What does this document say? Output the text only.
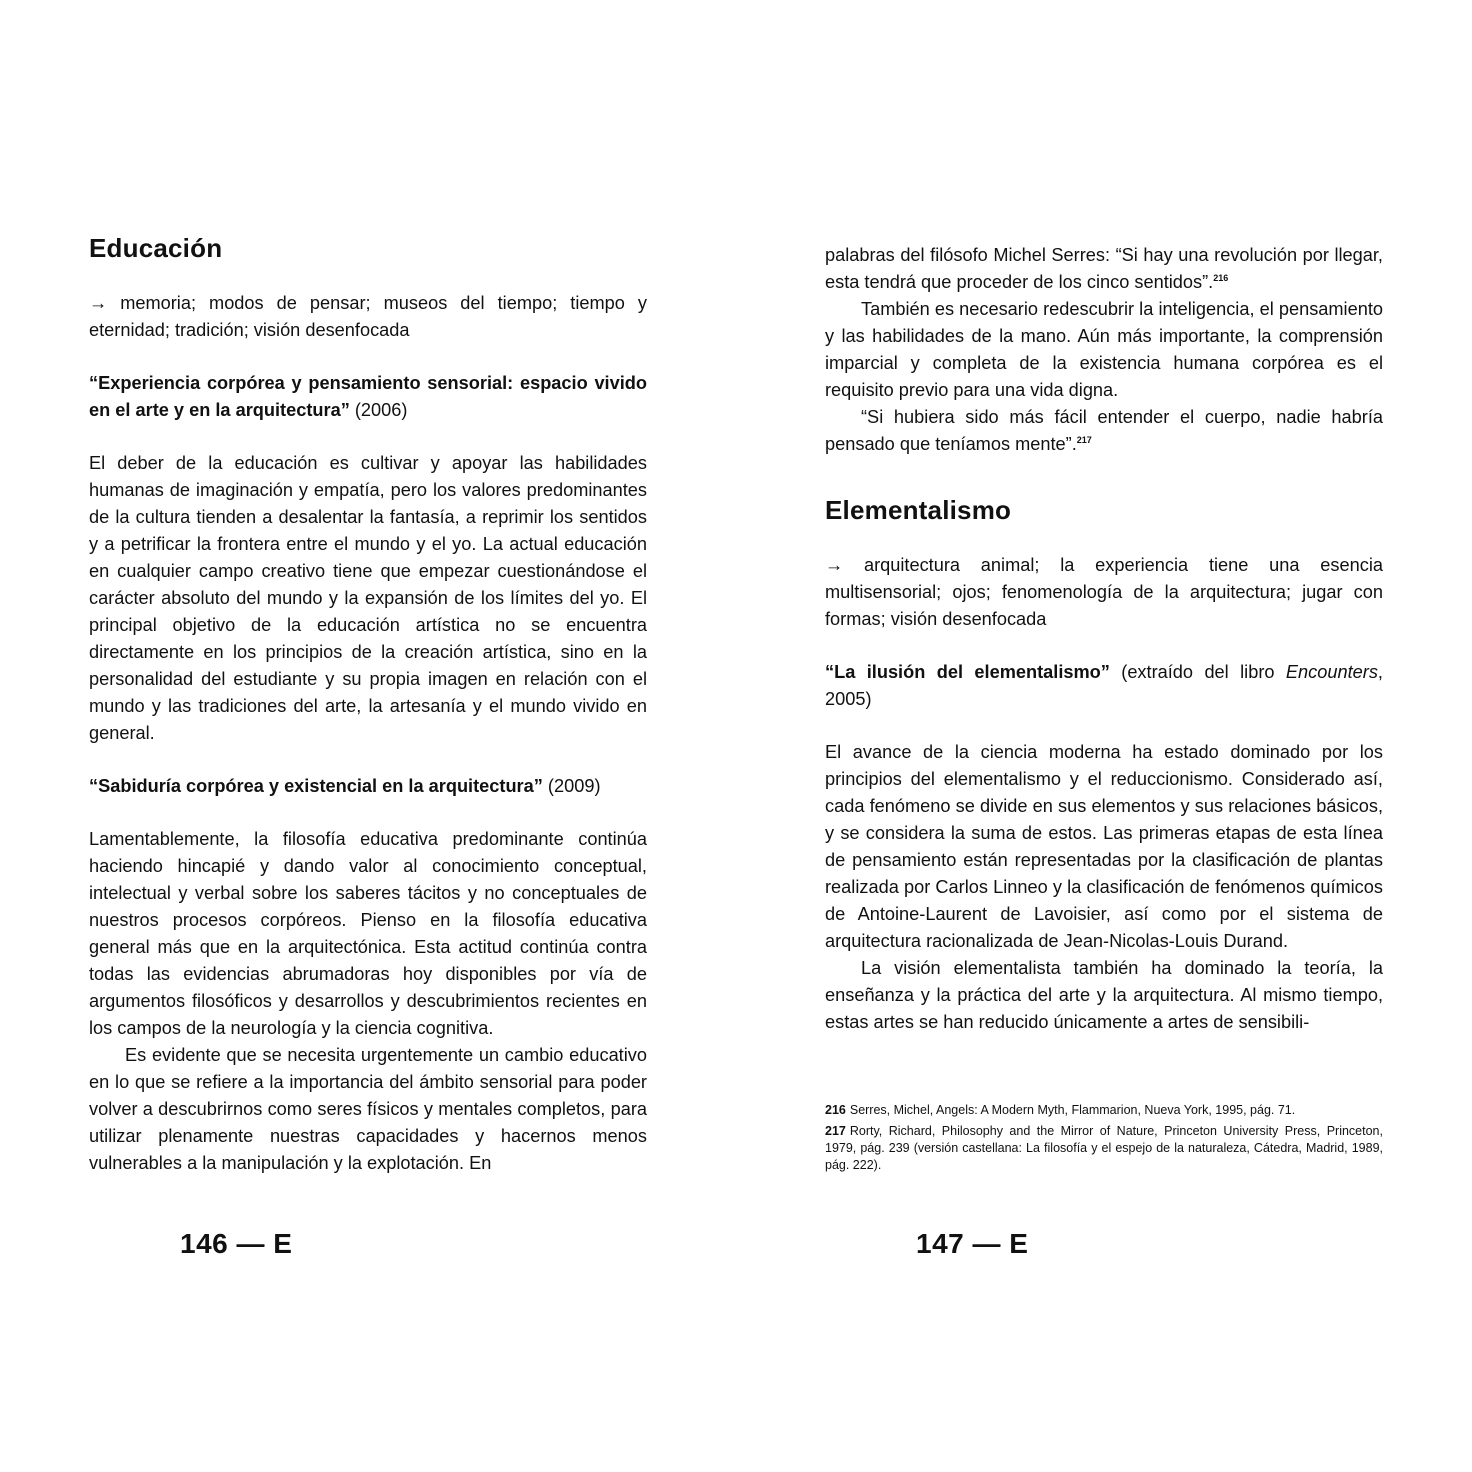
Educación

→ memoria; modos de pensar; museos del tiempo; tiempo y eternidad; tradición; visión desenfocada

“Experiencia corpórea y pensamiento sensorial: espacio vivido en el arte y en la arquitectura” (2006)

El deber de la educación es cultivar y apoyar las habilidades humanas de imaginación y empatía, pero los valores predominantes de la cultura tienden a desalentar la fantasía, a reprimir los sentidos y a petrificar la frontera entre el mundo y el yo. La actual educación en cualquier campo creativo tiene que empezar cuestionándose el carácter absoluto del mundo y la expansión de los límites del yo. El principal objetivo de la educación artística no se encuentra directamente en los principios de la creación artística, sino en la personalidad del estudiante y su propia imagen en relación con el mundo y las tradiciones del arte, la artesanía y el mundo vivido en general.

“Sabiduría corpórea y existencial en la arquitectura” (2009)

Lamentablemente, la filosofía educativa predominante continúa haciendo hincapié y dando valor al conocimiento conceptual, intelectual y verbal sobre los saberes tácitos y no conceptuales de nuestros procesos corpóreos. Pienso en la filosofía educativa general más que en la arquitectónica. Esta actitud continúa contra todas las evidencias abrumadoras hoy disponibles por vía de argumentos filosóficos y desarrollos y descubrimientos recientes en los campos de la neurología y la ciencia cognitiva.

Es evidente que se necesita urgentemente un cambio educativo en lo que se refiere a la importancia del ámbito sensorial para poder volver a descubrirnos como seres físicos y mentales completos, para utilizar plenamente nuestras capacidades y hacernos menos vulnerables a la manipulación y la explotación. En

146 — E

palabras del filósofo Michel Serres: “Si hay una revolución por llegar, esta tendrá que proceder de los cinco sentidos”.$^{216}$

También es necesario redescubrir la inteligencia, el pensamiento y las habilidades de la mano. Aún más importante, la comprensión imparcial y completa de la existencia humana corpórea es el requisito previo para una vida digna.

“Si hubiera sido más fácil entender el cuerpo, nadie habría pensado que teníamos mente”.$^{217}$

Elementalismo

→ arquitectura animal; la experiencia tiene una esencia multisensorial; ojos; fenomenología de la arquitectura; jugar con formas; visión desenfocada

“La ilusión del elementalismo” (extraído del libro Encounters, 2005)

El avance de la ciencia moderna ha estado dominado por los principios del elementalismo y el reduccionismo. Considerado así, cada fenómeno se divide en sus elementos y sus relaciones básicos, y se considera la suma de estos. Las primeras etapas de esta línea de pensamiento están representadas por la clasificación de plantas realizada por Carlos Linneo y la clasificación de fenómenos químicos de Antoine-Laurent de Lavoisier, así como por el sistema de arquitectura racionalizada de Jean-Nicolas-Louis Durand.

La visión elementalista también ha dominado la teoría, la enseñanza y la práctica del arte y la arquitectura. Al mismo tiempo, estas artes se han reducido únicamente a artes de sensibili-

216 Serres, Michel, Angels: A Modern Myth, Flammarion, Nueva York, 1995, pág. 71.

217 Rorty, Richard, Philosophy and the Mirror of Nature, Princeton University Press, Princeton, 1979, pág. 239 (versión castellana: La filosofía y el espejo de la naturaleza, Cátedra, Madrid, 1989, pág. 222).

147 — E
